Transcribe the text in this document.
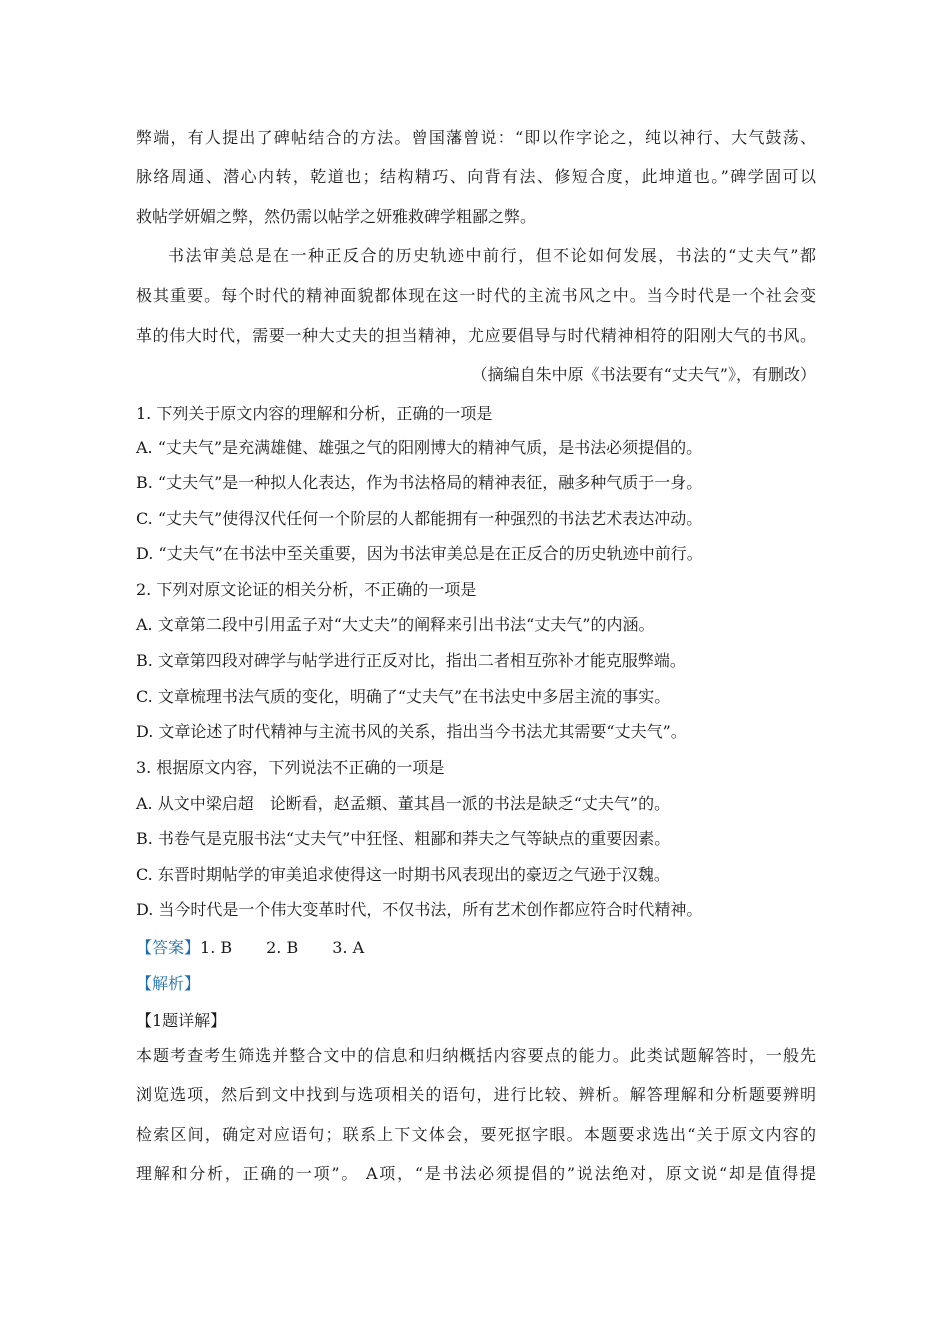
弊端，有人提出了碑帖结合的方法。曾国藩曾说：“即以作字论之，纯以神行、大气鼓荡、
脉络周通、潜心内转，乾道也；结构精巧、向背有法、修短合度，此坤道也。”碑学固可以
救帖学妍媚之弊，然仍需以帖学之妍雅救碑学粗鄙之弊。
书法审美总是在一种正反合的历史轨迹中前行，但不论如何发展，书法的“丈夫气”都
极其重要。每个时代的精神面貌都体现在这一时代的主流书风之中。当今时代是一个社会变
革的伟大时代，需要一种大丈夫的担当精神，尤应要倡导与时代精神相符的阳刚大气的书风。
（摘编自朱中原《书法要有“丈夫气”》，有删改）
1. 下列关于原文内容的理解和分析，正确的一项是
A. “丈夫气”是充满雄健、雄强之气的阳刚博大的精神气质，是书法必须提倡的。
B. “丈夫气”是一种拟人化表达，作为书法格局的精神表征，融多种气质于一身。
C. “丈夫气”使得汉代任何一个阶层的人都能拥有一种强烈的书法艺术表达冲动。
D. “丈夫气”在书法中至关重要，因为书法审美总是在正反合的历史轨迹中前行。
2. 下列对原文论证的相关分析，不正确的一项是
A. 文章第二段中引用孟子对“大丈夫”的阐释来引出书法“丈夫气”的内涵。
B. 文章第四段对碑学与帖学进行正反对比，指出二者相互弥补才能克服弊端。
C. 文章梳理书法气质的变化，明确了“丈夫气”在书法史中多居主流的事实。
D. 文章论述了时代精神与主流书风的关系，指出当今书法尤其需要“丈夫气”。
3. 根据原文内容，下列说法不正确的一项是
A. 从文中梁启超　论断看，赵孟頫、董其昌一派的书法是缺乏“丈夫气”的。
B. 书卷气是克服书法“丈夫气”中狂怪、粗鄙和莽夫之气等缺点的重要因素。
C. 东晋时期帖学的审美追求使得这一时期书风表现出的豪迈之气逊于汉魏。
D. 当今时代是一个伟大变革时代，不仅书法，所有艺术创作都应符合时代精神。
【答案】1. B 2. B 3. A
【解析】
【1题详解】
本题考查考生筛选并整合文中的信息和归纳概括内容要点的能力。此类试题解答时，一般先
浏览选项，然后到文中找到与选项相关的语句，进行比较、辨析。解答理解和分析题要辨明
检索区间，确定对应语句；联系上下文体会，要死抠字眼。本题要求选出“关于原文内容的
理解和分析，正确的一项”。 A项，“是书法必须提倡的”说法绝对，原文说“却是值得提
